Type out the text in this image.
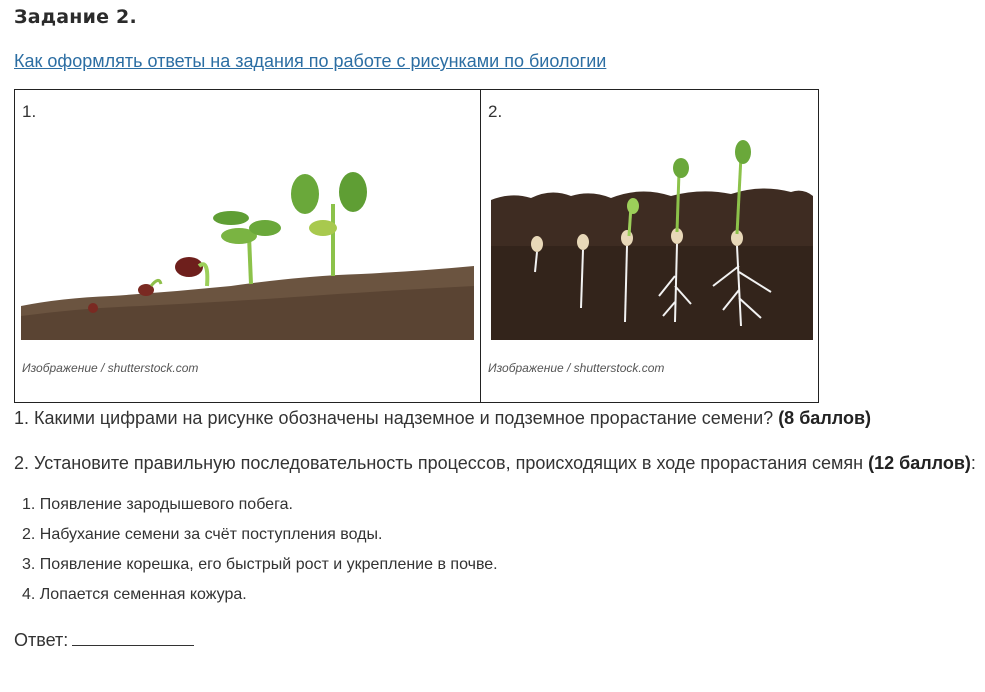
Задание 2.
Как оформлять ответы на задания по работе с рисунками по биологии
1.
Изображение / shutterstock.com
2.
Изображение / shutterstock.com
1. Какими цифрами на рисунке обозначены надземное и подземное прорастание семени? (8 баллов)
2. Установите правильную последовательность процессов, происходящих в ходе прорастания семян (12 баллов):
1. Появление зародышевого побега.
2. Набухание семени за счёт поступления воды.
3. Появление корешка, его быстрый рост и укрепление в почве.
4. Лопается семенная кожура.
Ответ:
